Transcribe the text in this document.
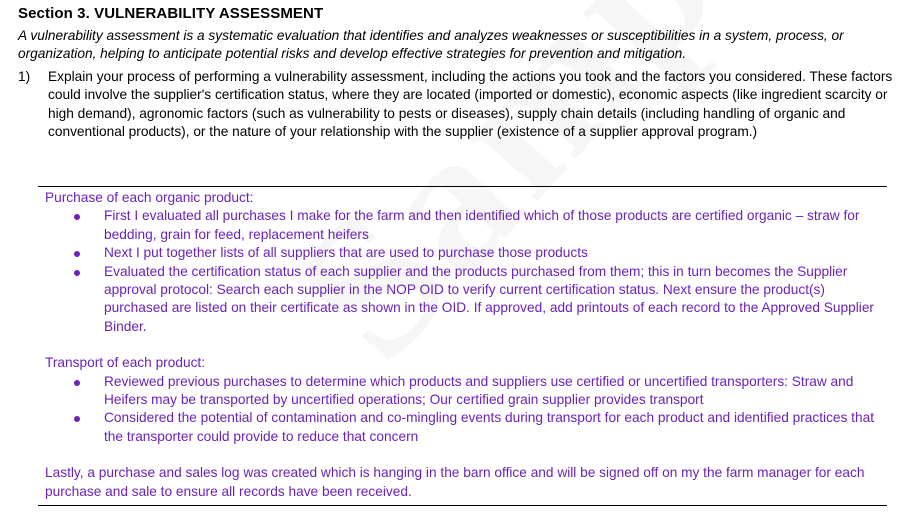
Section 3. VULNERABILITY ASSESSMENT
A vulnerability assessment is a systematic evaluation that identifies and analyzes weaknesses or susceptibilities in a system, process, or organization, helping to anticipate potential risks and develop effective strategies for prevention and mitigation.
1) Explain your process of performing a vulnerability assessment, including the actions you took and the factors you considered. These factors could involve the supplier's certification status, where they are located (imported or domestic), economic aspects (like ingredient scarcity or high demand), agronomic factors (such as vulnerability to pests or diseases), supply chain details (including handling of organic and conventional products), or the nature of your relationship with the supplier (existence of a supplier approval program.)

Purchase of each organic product:

First I evaluated all purchases I make for the farm and then identified which of those products are certified organic – straw for bedding, grain for feed, replacement heifers
Next I put together lists of all suppliers that are used to purchase those products
Evaluated the certification status of each supplier and the products purchased from them; this in turn becomes the Supplier approval protocol: Search each supplier in the NOP OID to verify current certification status. Next ensure the product(s) purchased are listed on their certificate as shown in the OID. If approved, add printouts of each record to the Approved Supplier Binder.

Transport of each product:

Reviewed previous purchases to determine which products and suppliers use certified or uncertified transporters: Straw and Heifers may be transported by uncertified operations; Our certified grain supplier provides transport
Considered the potential of contamination and co-mingling events during transport for each product and identified practices that the transporter could provide to reduce that concern

Lastly, a purchase and sales log was created which is hanging in the barn office and will be signed off on my the farm manager for each purchase and sale to ensure all records have been received.
